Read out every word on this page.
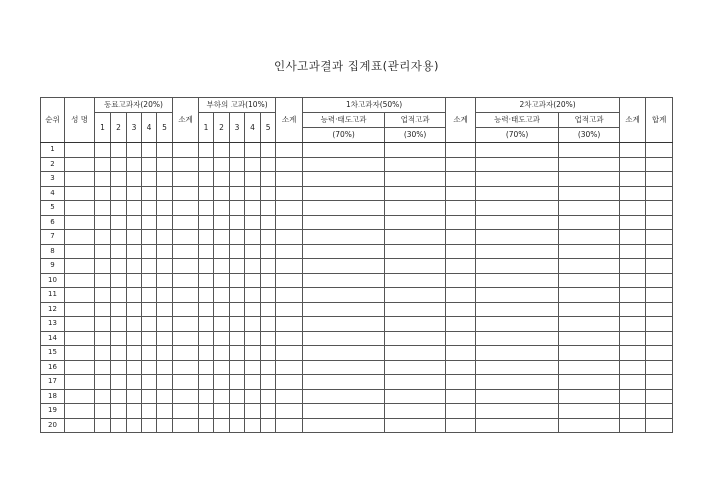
인사고과결과 집계표(관리자용)
순위	성 명	동료고과자(20%)					소계	부하의 고과(10%)					소계	1차고과자(50%)		소계	2차고과자(20%)		소계	합계
		1	2	3	4	5		1	2	3	4	5		능력·태도고과	업적고과		능력·태도고과	업적고과		
														(70%)	(30%)		(70%)	(30%)		
1																				
2																				
3																				
4																				
5																				
6																				
7																				
8																				
9																				
10																				
11																				
12																				
13																				
14																				
15																				
16																				
17																				
18																				
19																				
20																				
